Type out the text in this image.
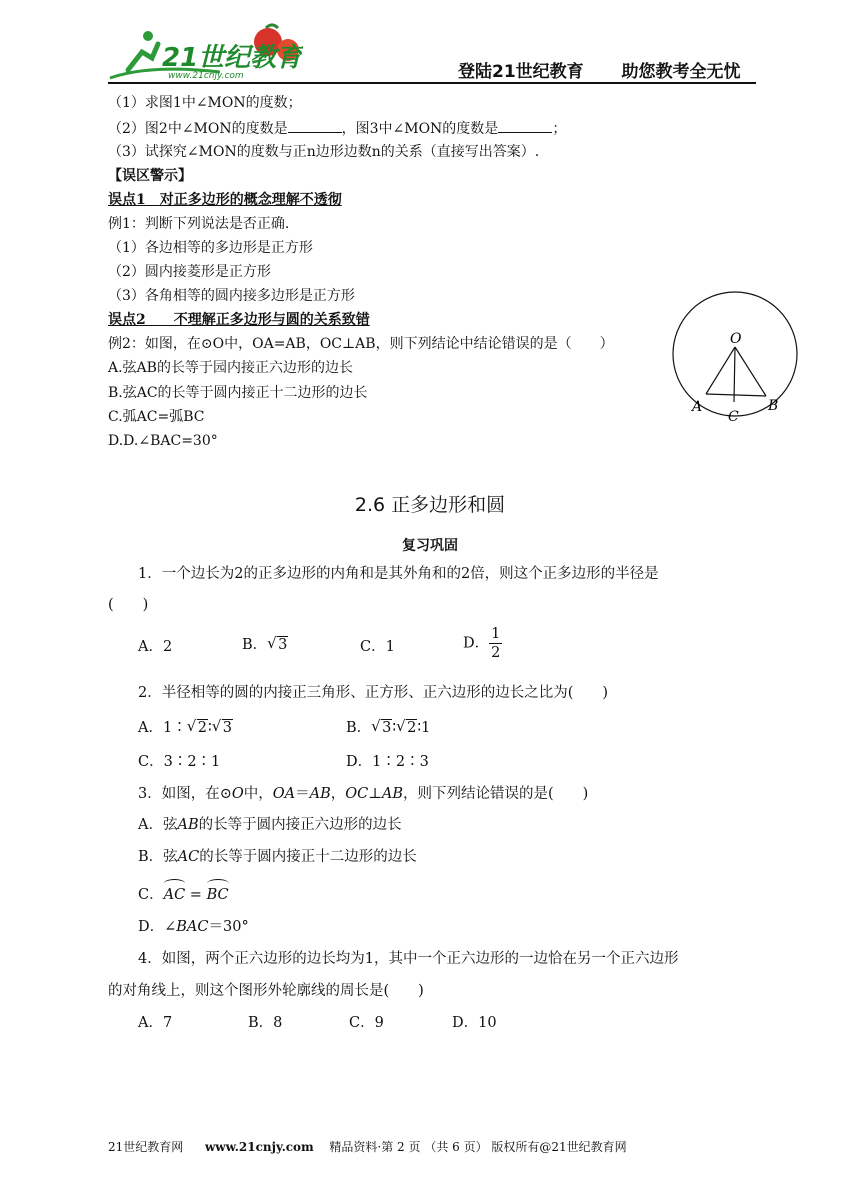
21世纪教育
www.21cnjy.com	登陆21世纪教育 助您教考全无忧
（1）求图1中∠MON的度数；
（2）图2中∠MON的度数是	，图3中∠MON的度数是	；
（3）试探究∠MON的度数与正n边形边数n的关系（直接写出答案）.
【误区警示】
误点1　对正多边形的概念理解不透彻
例1：判断下列说法是否正确.
（1）各边相等的多边形是正方形
（2）圆内接菱形是正方形
（3）各角相等的圆内接多边形是正方形
误点2　　不理解正多边形与圆的关系致错
例2：如图，在⊙O中，OA=AB，OC⊥AB，则下列结论中结论错误的是（　　）
A.弦AB的长等于园内接正六边形的边长
B.弦AC的长等于圆内接正十二边形的边长
C.弧AC=弧BC
D.D.∠BAC=30°
O
A	B
C
2.6 正多边形和圆
复习巩固
1．一个边长为2的正多边形的内角和是其外角和的2倍，则这个正多边形的半径是
(　　)
A．2	B． √ 3	C．1	D． $\frac{1}{2}$
2．半径相等的圆的内接正三角形、正方形、正六边形的边长之比为(　　)
A．1∶ √ 2∶ √ 3	B． √ 3∶ √ 2∶1
C．3∶2∶1	D．1∶2∶3
3．如图，在⊙O中，OA＝AB，OC⊥AB，则下列结论错误的是(　　)
A．弦AB的长等于圆内接正六边形的边长
B．弦AC的长等于圆内接正十二边形的边长
C．AC = BC
D．∠BAC＝30°
4．如图，两个正六边形的边长均为1，其中一个正六边形的一边恰在另一个正六边形
的对角线上，则这个图形外轮廓线的周长是(　　)
A．7	B．8	C．9	D．10
21世纪教育网 www.21cnjy.com 精品资料·第 2 页 （共 6 页） 版权所有@21世纪教育网
